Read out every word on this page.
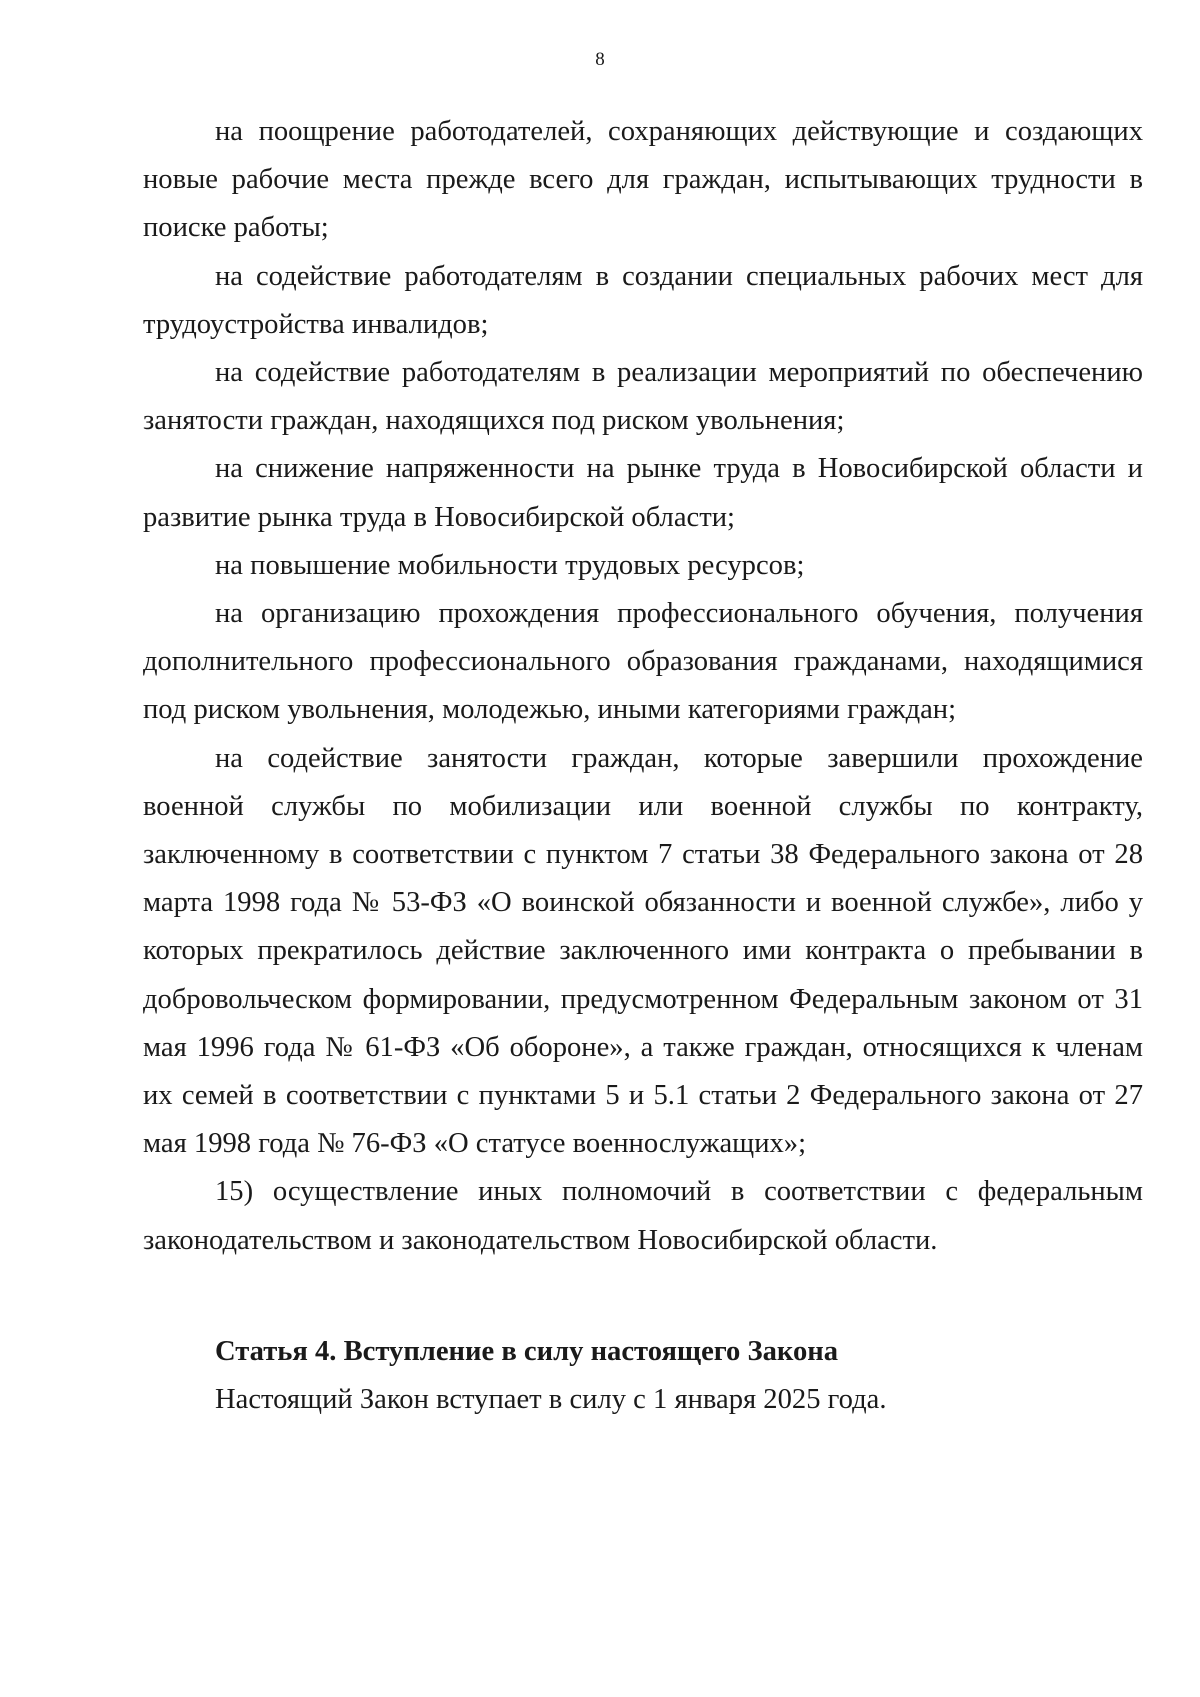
8

на поощрение работодателей, сохраняющих действующие и создающих новые рабочие места прежде всего для граждан, испытывающих трудности в поиске работы;

на содействие работодателям в создании специальных рабочих мест для трудоустройства инвалидов;

на содействие работодателям в реализации мероприятий по обеспечению занятости граждан, находящихся под риском увольнения;

на снижение напряженности на рынке труда в Новосибирской области и развитие рынка труда в Новосибирской области;

на повышение мобильности трудовых ресурсов;

на организацию прохождения профессионального обучения, получения дополнительного профессионального образования гражданами, находящимися под риском увольнения, молодежью, иными категориями граждан;

на содействие занятости граждан, которые завершили прохождение военной службы по мобилизации или военной службы по контракту, заключенному в соответствии с пунктом 7 статьи 38 Федерального закона от 28 марта 1998 года № 53-ФЗ «О воинской обязанности и военной службе», либо у которых прекратилось действие заключенного ими контракта о пребывании в добровольческом формировании, предусмотренном Федеральным законом от 31 мая 1996 года № 61-ФЗ «Об обороне», а также граждан, относящихся к членам их семей в соответствии с пунктами 5 и 5.1 статьи 2 Федерального закона от 27 мая 1998 года № 76-ФЗ «О статусе военнослужащих»;

15) осуществление иных полномочий в соответствии с федеральным законодательством и законодательством Новосибирской области.

Статья 4. Вступление в силу настоящего Закона

Настоящий Закон вступает в силу с 1 января 2025 года.
